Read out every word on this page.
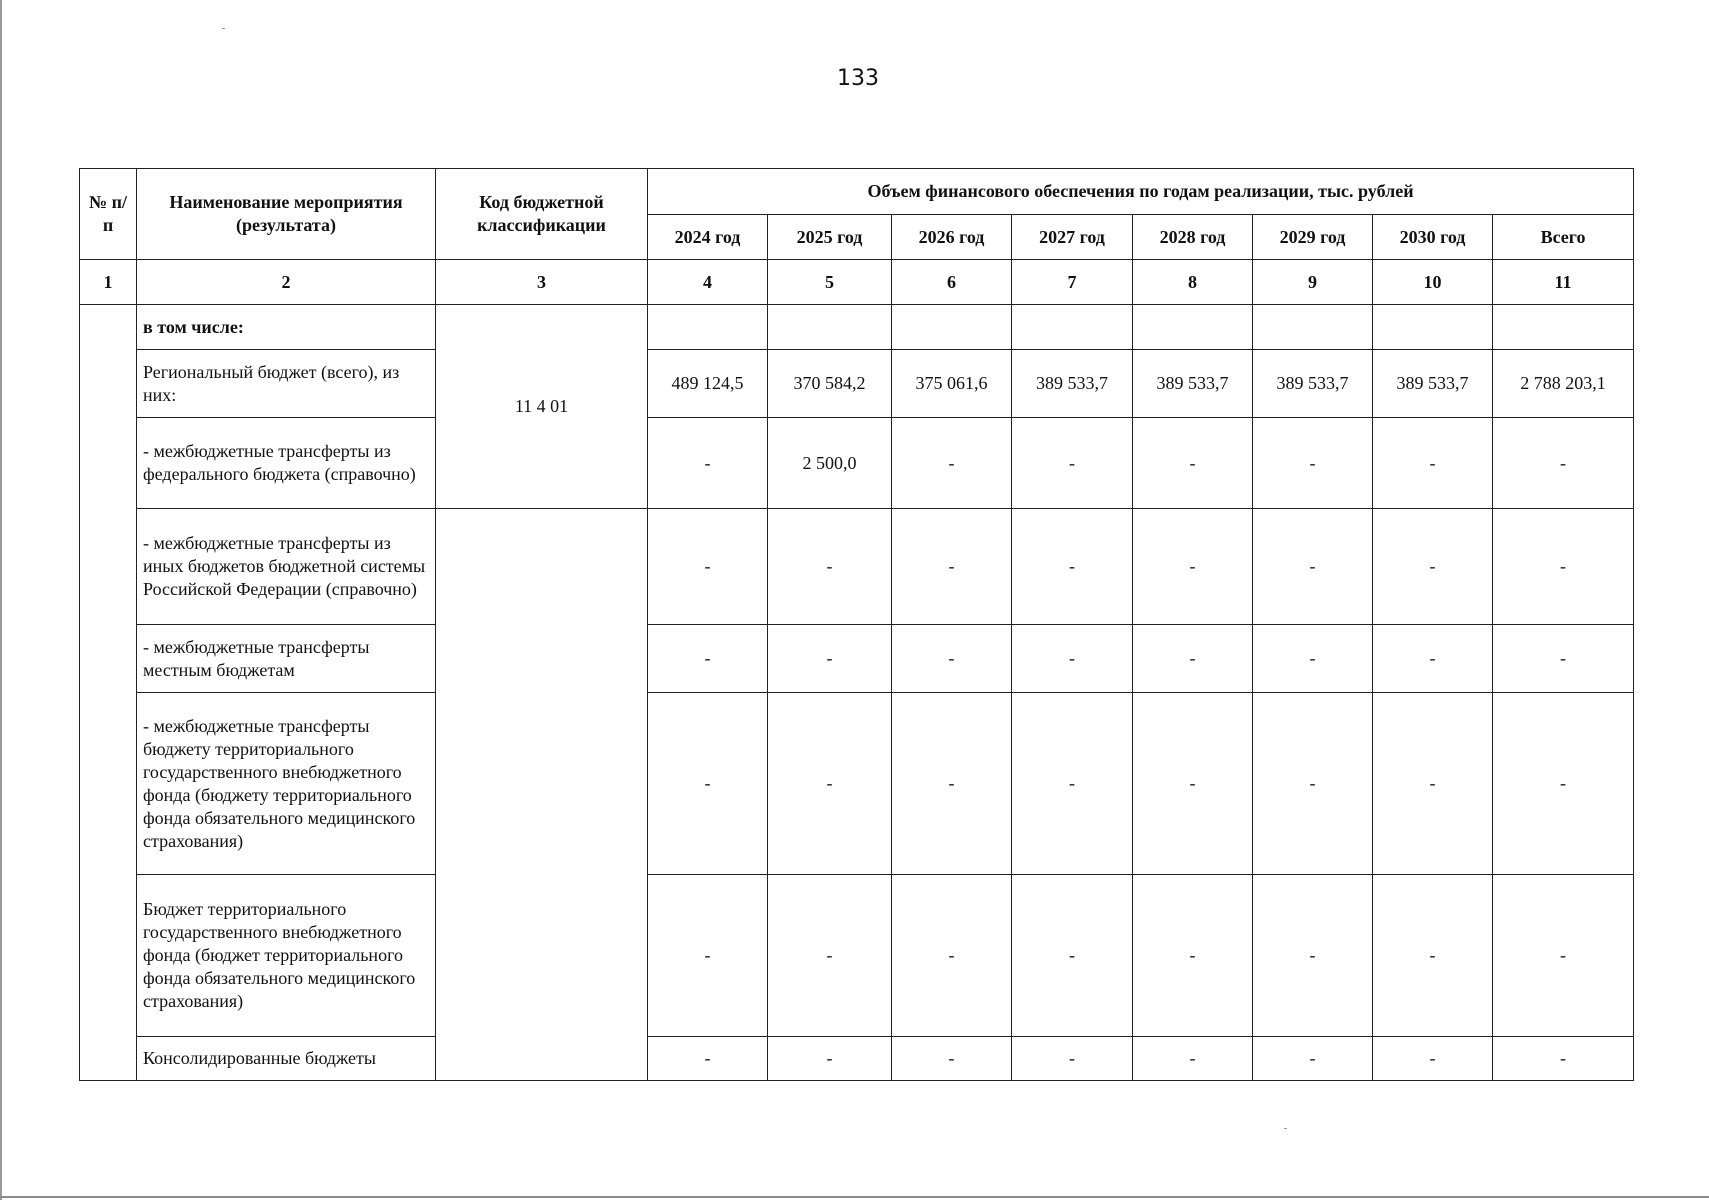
133
№ п/п	Наименование мероприятия (результата)	Код бюджетной классификации	Объем финансового обеспечения по годам реализации, тыс. рублей							
			2024 год	2025 год	2026 год	2027 год	2028 год	2029 год	2030 год	Всего
1	2	3	4	5	6	7	8	9	10	11
	в том числе:	11 4 01								
	Региональный бюджет (всего), из них:		489 124,5	370 584,2	375 061,6	389 533,7	389 533,7	389 533,7	389 533,7	2 788 203,1
	- межбюджетные трансферты из федерального бюджета (справочно)		-	2 500,0	-	-	-	-	-	-
	- межбюджетные трансферты из иных бюджетов бюджетной системы Российской Федерации (справочно)		-	-	-	-	-	-	-	-
	- межбюджетные трансферты местным бюджетам		-	-	-	-	-	-	-	-
	- межбюджетные трансферты бюджету территориального государственного внебюджетного фонда (бюджету территориального фонда обязательного медицинского страхования)		-	-	-	-	-	-	-	-
	Бюджет территориального государственного внебюджетного фонда (бюджет территориального фонда обязательного медицинского страхования)		-	-	-	-	-	-	-	-
	Консолидированные бюджеты		-	-	-	-	-	-	-	-
